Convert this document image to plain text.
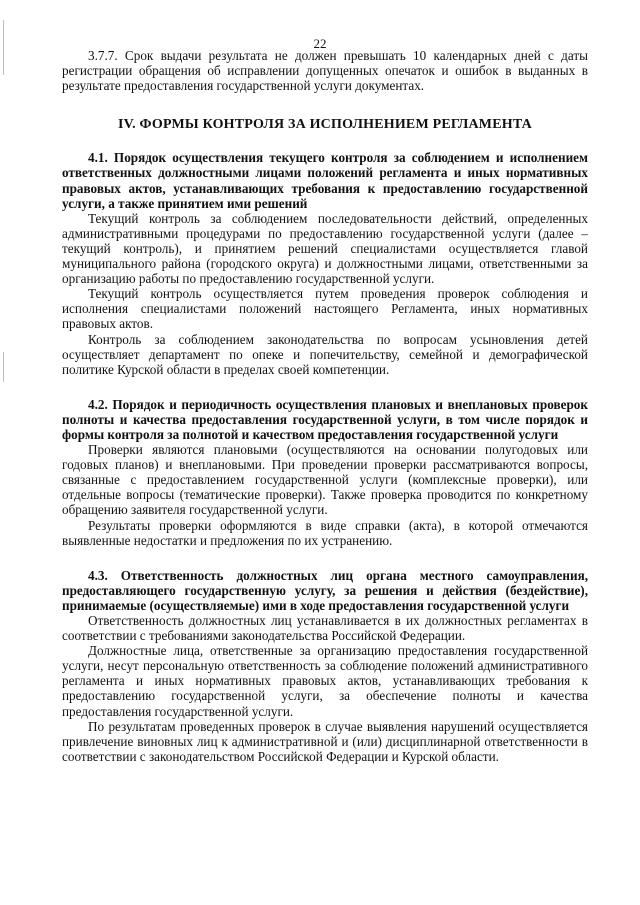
22

3.7.7. Срок выдачи результата не должен превышать 10 календарных дней с даты регистрации обращения об исправлении допущенных опечаток и ошибок в выданных в результате предоставления государственной услуги документах.

IV. ФОРМЫ КОНТРОЛЯ ЗА ИСПОЛНЕНИЕМ РЕГЛАМЕНТА

4.1. Порядок осуществления текущего контроля за соблюдением и исполнением ответственных должностными лицами положений регламента и иных нормативных правовых актов, устанавливающих требования к предоставлению государственной услуги, а также принятием ими решений

Текущий контроль за соблюдением последовательности действий, определенных административными процедурами по предоставлению государственной услуги (далее – текущий контроль), и принятием решений специалистами осуществляется главой муниципального района (городского округа) и должностными лицами, ответственными за организацию работы по предоставлению государственной услуги.

Текущий контроль осуществляется путем проведения проверок соблюдения и исполнения специалистами положений настоящего Регламента, иных нормативных правовых актов.

Контроль за соблюдением законодательства по вопросам усыновления детей осуществляет департамент по опеке и попечительству, семейной и демографической политике Курской области в пределах своей компетенции.

4.2. Порядок и периодичность осуществления плановых и внеплановых проверок полноты и качества предоставления государственной услуги, в том числе порядок и формы контроля за полнотой и качеством предоставления государственной услуги

Проверки являются плановыми (осуществляются на основании полугодовых или годовых планов) и внеплановыми. При проведении проверки рассматриваются вопросы, связанные с предоставлением государственной услуги (комплексные проверки), или отдельные вопросы (тематические проверки). Также проверка проводится по конкретному обращению заявителя государственной услуги.

Результаты проверки оформляются в виде справки (акта), в которой отмечаются выявленные недостатки и предложения по их устранению.

4.3. Ответственность должностных лиц органа местного самоуправления, предоставляющего государственную услугу, за решения и действия (бездействие), принимаемые (осуществляемые) ими в ходе предоставления государственной услуги

Ответственность должностных лиц устанавливается в их должностных регламентах в соответствии с требованиями законодательства Российской Федерации.

Должностные лица, ответственные за организацию предоставления государственной услуги, несут персональную ответственность за соблюдение положений административного регламента и иных нормативных правовых актов, устанавливающих требования к предоставлению государственной услуги, за обеспечение полноты и качества предоставления государственной услуги.

По результатам проведенных проверок в случае выявления нарушений осуществляется привлечение виновных лиц к административной и (или) дисциплинарной ответственности в соответствии с законодательством Российской Федерации и Курской области.
